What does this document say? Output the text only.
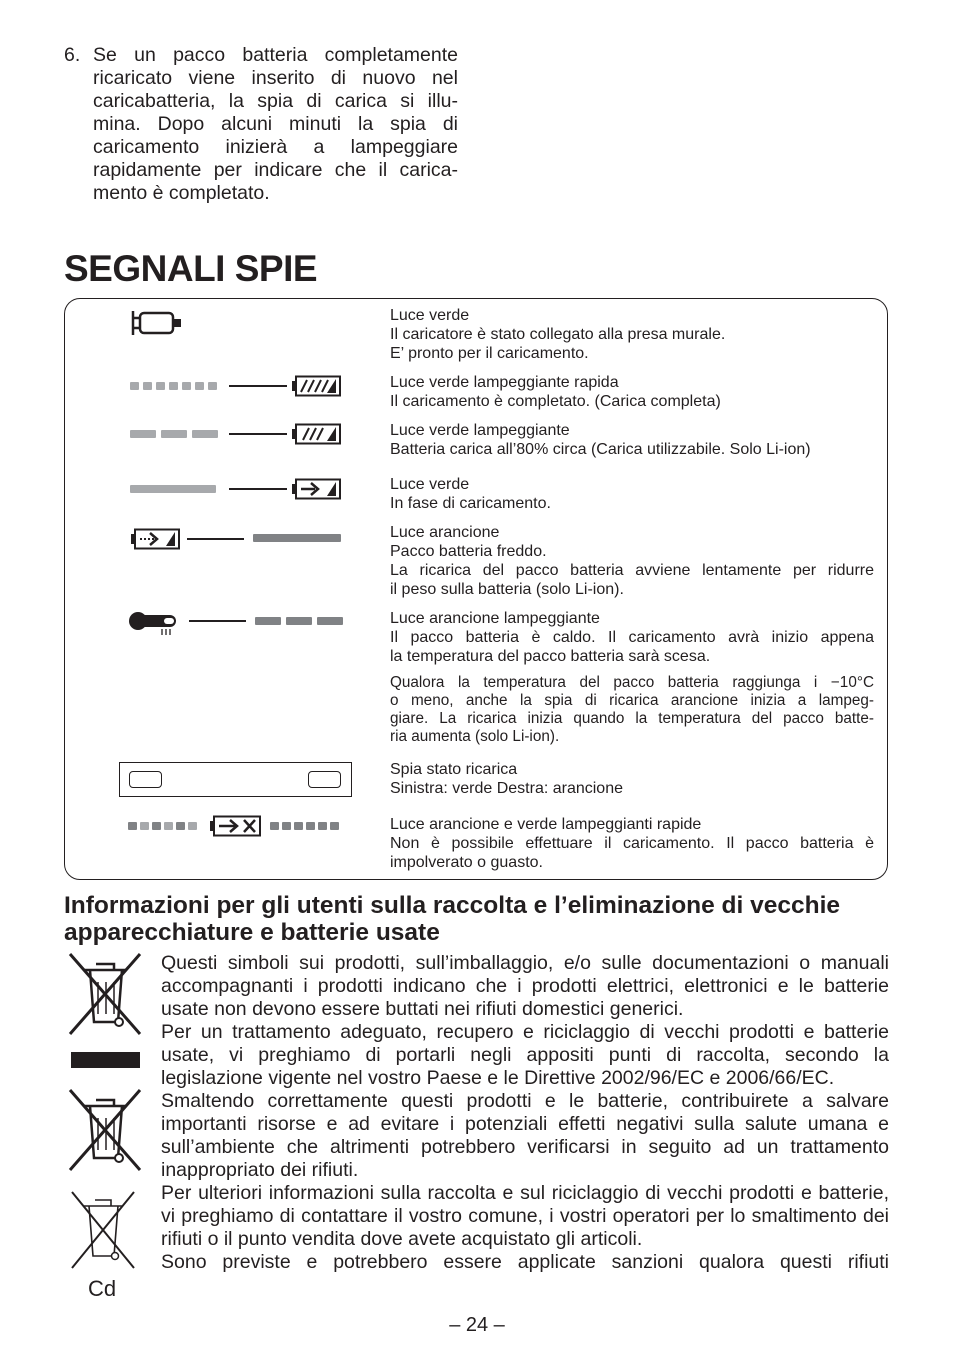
6. Se un pacco batteria completamente
ricaricato viene inserito di nuovo nel
caricabatteria, la spia di carica si illu-
mina. Dopo alcuni minuti la spia di
caricamento inizierà a lampeggiare
rapidamente per indicare che il carica-
mento è completato.
SEGNALI SPIE
Luce verde
Il caricatore è stato collegato alla presa murale.
E’ pronto per il caricamento.
Luce verde lampeggiante rapida
Il caricamento è completato. (Carica completa)
Luce verde lampeggiante
Batteria carica all’80% circa (Carica utilizzabile. Solo Li-ion)
Luce verde
In fase di caricamento.
Luce arancione
Pacco batteria freddo.
La ricarica del pacco batteria avviene lentamente per ridurre
il peso sulla batteria (solo Li-ion).
Luce arancione lampeggiante
Il pacco batteria è caldo. Il caricamento avrà inizio appena
la temperatura del pacco batteria sarà scesa.
Qualora la temperatura del pacco batteria raggiunga i −10°C
o meno, anche la spia di ricarica arancione inizia a lampeg-
giare. La ricarica inizia quando la temperatura del pacco batte-
ria aumenta (solo Li-ion).
Spia stato ricarica
Sinistra: verde Destra: arancione
Luce arancione e verde lampeggianti rapide
Non è possibile effettuare il caricamento. Il pacco batteria è
impolverato o guasto.
Informazioni per gli utenti sulla raccolta e l’eliminazione di vecchie
apparecchiature e batterie usate
Cd

Questi simboli sui prodotti, sull’imballaggio, e/o sulle documentazioni o manuali accompagnanti i prodotti indicano che i prodotti elettrici, elettronici e le batterie usate non devono essere buttati nei rifiuti domestici generici.

Per un trattamento adeguato, recupero e riciclaggio di vecchi prodotti e batterie usate, vi preghiamo di portarli negli appositi punti di raccolta, secondo la legislazione vigente nel vostro Paese e le Direttive 2002/96/EC e 2006/66/EC.

Smaltendo correttamente questi prodotti e le batterie, contribuirete a salvare importanti risorse e ad evitare i potenziali effetti negativi sulla salute umana e sull’ambiente che altrimenti potrebbero verificarsi in seguito ad un trattamento inappropriato dei rifiuti.

Per ulteriori informazioni sulla raccolta e sul riciclaggio di vecchi prodotti e batterie, vi preghiamo di contattare il vostro comune, i vostri operatori per lo smaltimento dei rifiuti o il punto vendita dove avete acquistato gli articoli.

Sono previste e potrebbero essere applicate sanzioni qualora questi rifiuti

– 24 –
